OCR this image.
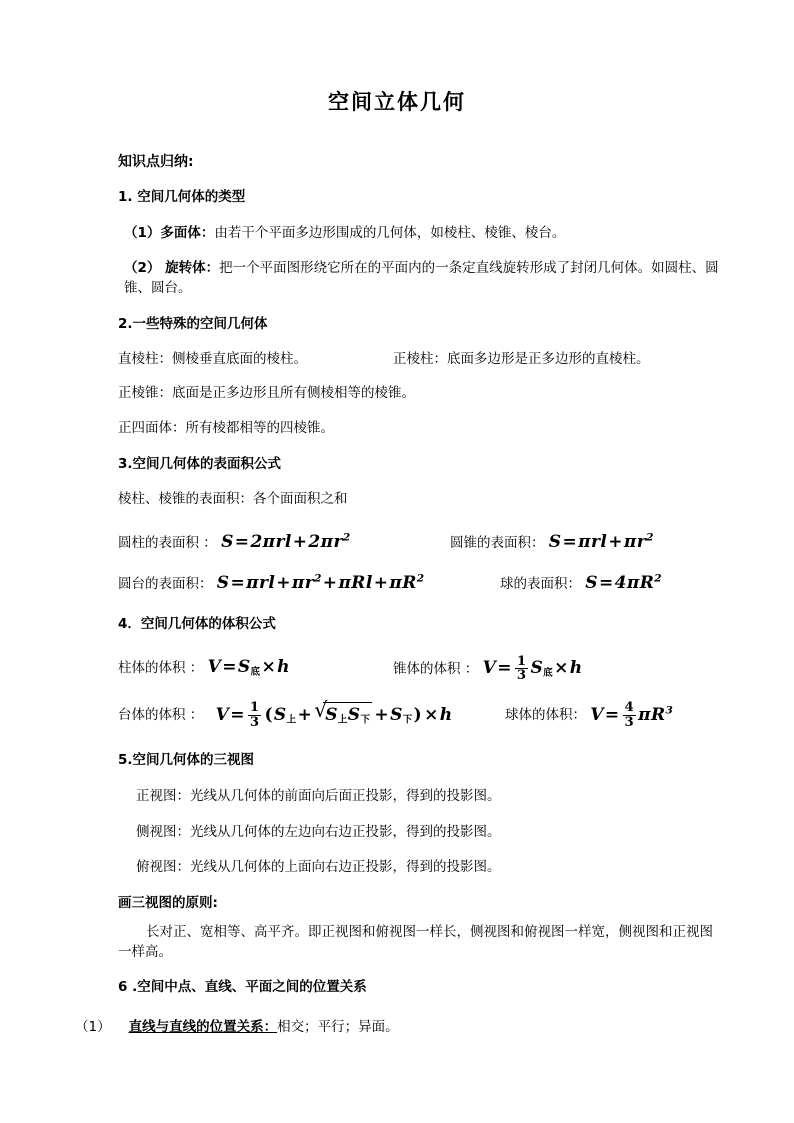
空间立体几何
知识点归纳:
1. 空间几何体的类型
（1）多面体：由若干个平面多边形围成的几何体，如棱柱、棱锥、棱台。
（2） 旋转体：把一个平面图形绕它所在的平面内的一条定直线旋转形成了封闭几何体。如圆柱、圆锥、圆台。
2.一些特殊的空间几何体
直棱柱：侧棱垂直底面的棱柱。	正棱柱：底面多边形是正多边形的直棱柱。
正棱锥：底面是正多边形且所有侧棱相等的棱锥。
正四面体：所有棱都相等的四棱锥。
3.空间几何体的表面积公式
棱柱、棱锥的表面积：各个面面积之和
圆柱的表面积 ： $S=2\pi rl+2\pi r^2$	圆锥的表面积： $S=\pi rl+\pi r^2$
圆台的表面积： $S=\pi rl+\pi r^2+\pi Rl+\pi R^2$	球的表面积： $S=4\pi R^2$
4．空间几何体的体积公式
柱体的体积 ： $V=S_底\times h$	锥体的体积 ： $V= \frac{1}{3} S_底\times h$
台体的体积 ： $V= \frac{1}{3} (S_上+$ √
$S_上S_下 +S_下) \times h$	球体的体积： $V= \frac{4}{3} \pi R^3$
5.空间几何体的三视图
正视图：光线从几何体的前面向后面正投影，得到的投影图。
侧视图：光线从几何体的左边向右边正投影，得到的投影图。
俯视图：光线从几何体的上面向右边正投影，得到的投影图。
画三视图的原则:
长对正、宽相等、高平齐。即正视图和俯视图一样长，侧视图和俯视图一样宽，侧视图和正视图一样高。
6 .空间中点、直线、平面之间的位置关系
（1） 直线与直线的位置关系：相交；平行；异面。
